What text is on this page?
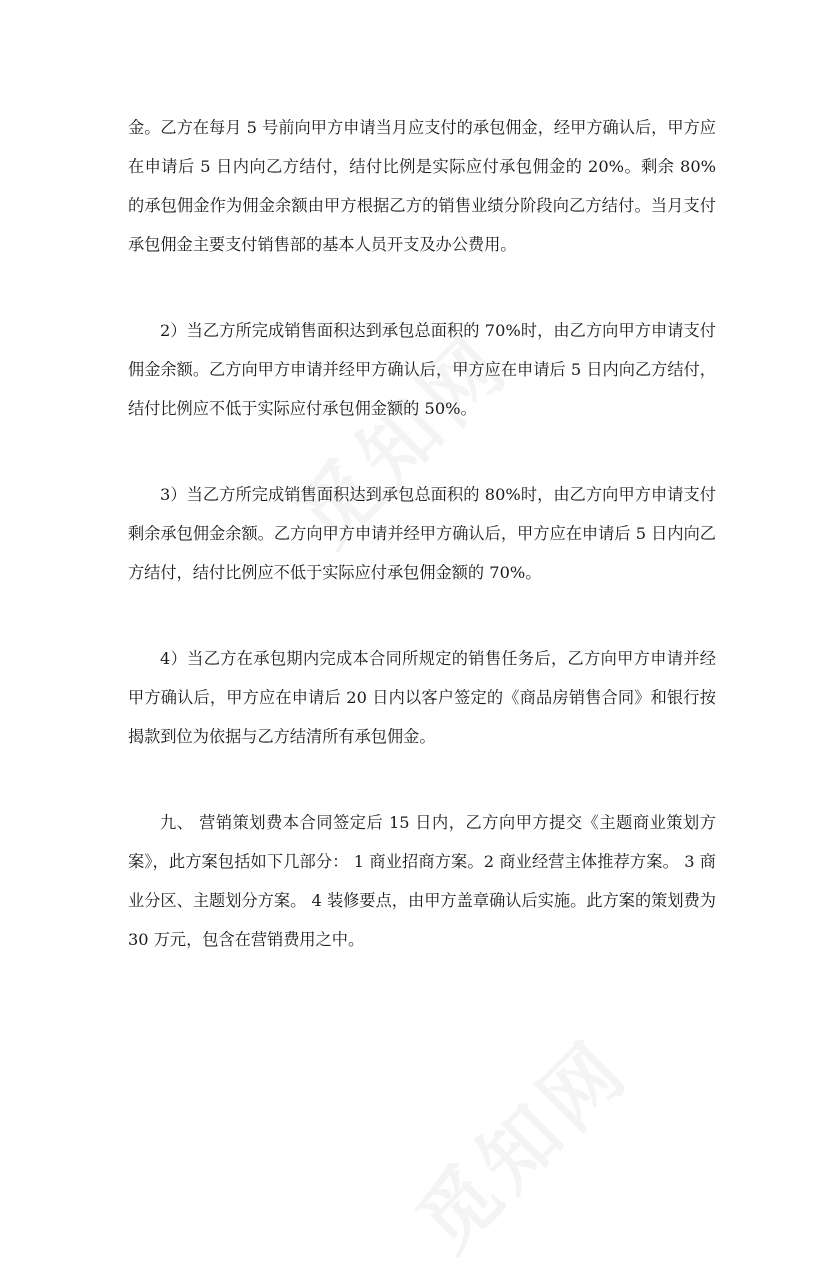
金。乙方在每月 5 号前向甲方申请当月应支付的承包佣金，经甲方确认后，甲方应在申请后 5 日内向乙方结付，结付比例是实际应付承包佣金的 20%。剩余 80%的承包佣金作为佣金余额由甲方根据乙方的销售业绩分阶段向乙方结付。当月支付承包佣金主要支付销售部的基本人员开支及办公费用。

2）当乙方所完成销售面积达到承包总面积的 70%时，由乙方向甲方申请支付佣金余额。乙方向甲方申请并经甲方确认后，甲方应在申请后 5 日内向乙方结付，结付比例应不低于实际应付承包佣金额的 50%。

3）当乙方所完成销售面积达到承包总面积的 80%时，由乙方向甲方申请支付剩余承包佣金余额。乙方向甲方申请并经甲方确认后，甲方应在申请后 5 日内向乙方结付，结付比例应不低于实际应付承包佣金额的 70%。

4）当乙方在承包期内完成本合同所规定的销售任务后，乙方向甲方申请并经甲方确认后，甲方应在申请后 20 日内以客户签定的《商品房销售合同》和银行按揭款到位为依据与乙方结清所有承包佣金。

九、 营销策划费本合同签定后 15 日内，乙方向甲方提交《主题商业策划方案》，此方案包括如下几部分： 1 商业招商方案。2 商业经营主体推荐方案。 3 商业分区、主题划分方案。 4 装修要点，由甲方盖章确认后实施。此方案的策划费为 30 万元，包含在营销费用之中。
